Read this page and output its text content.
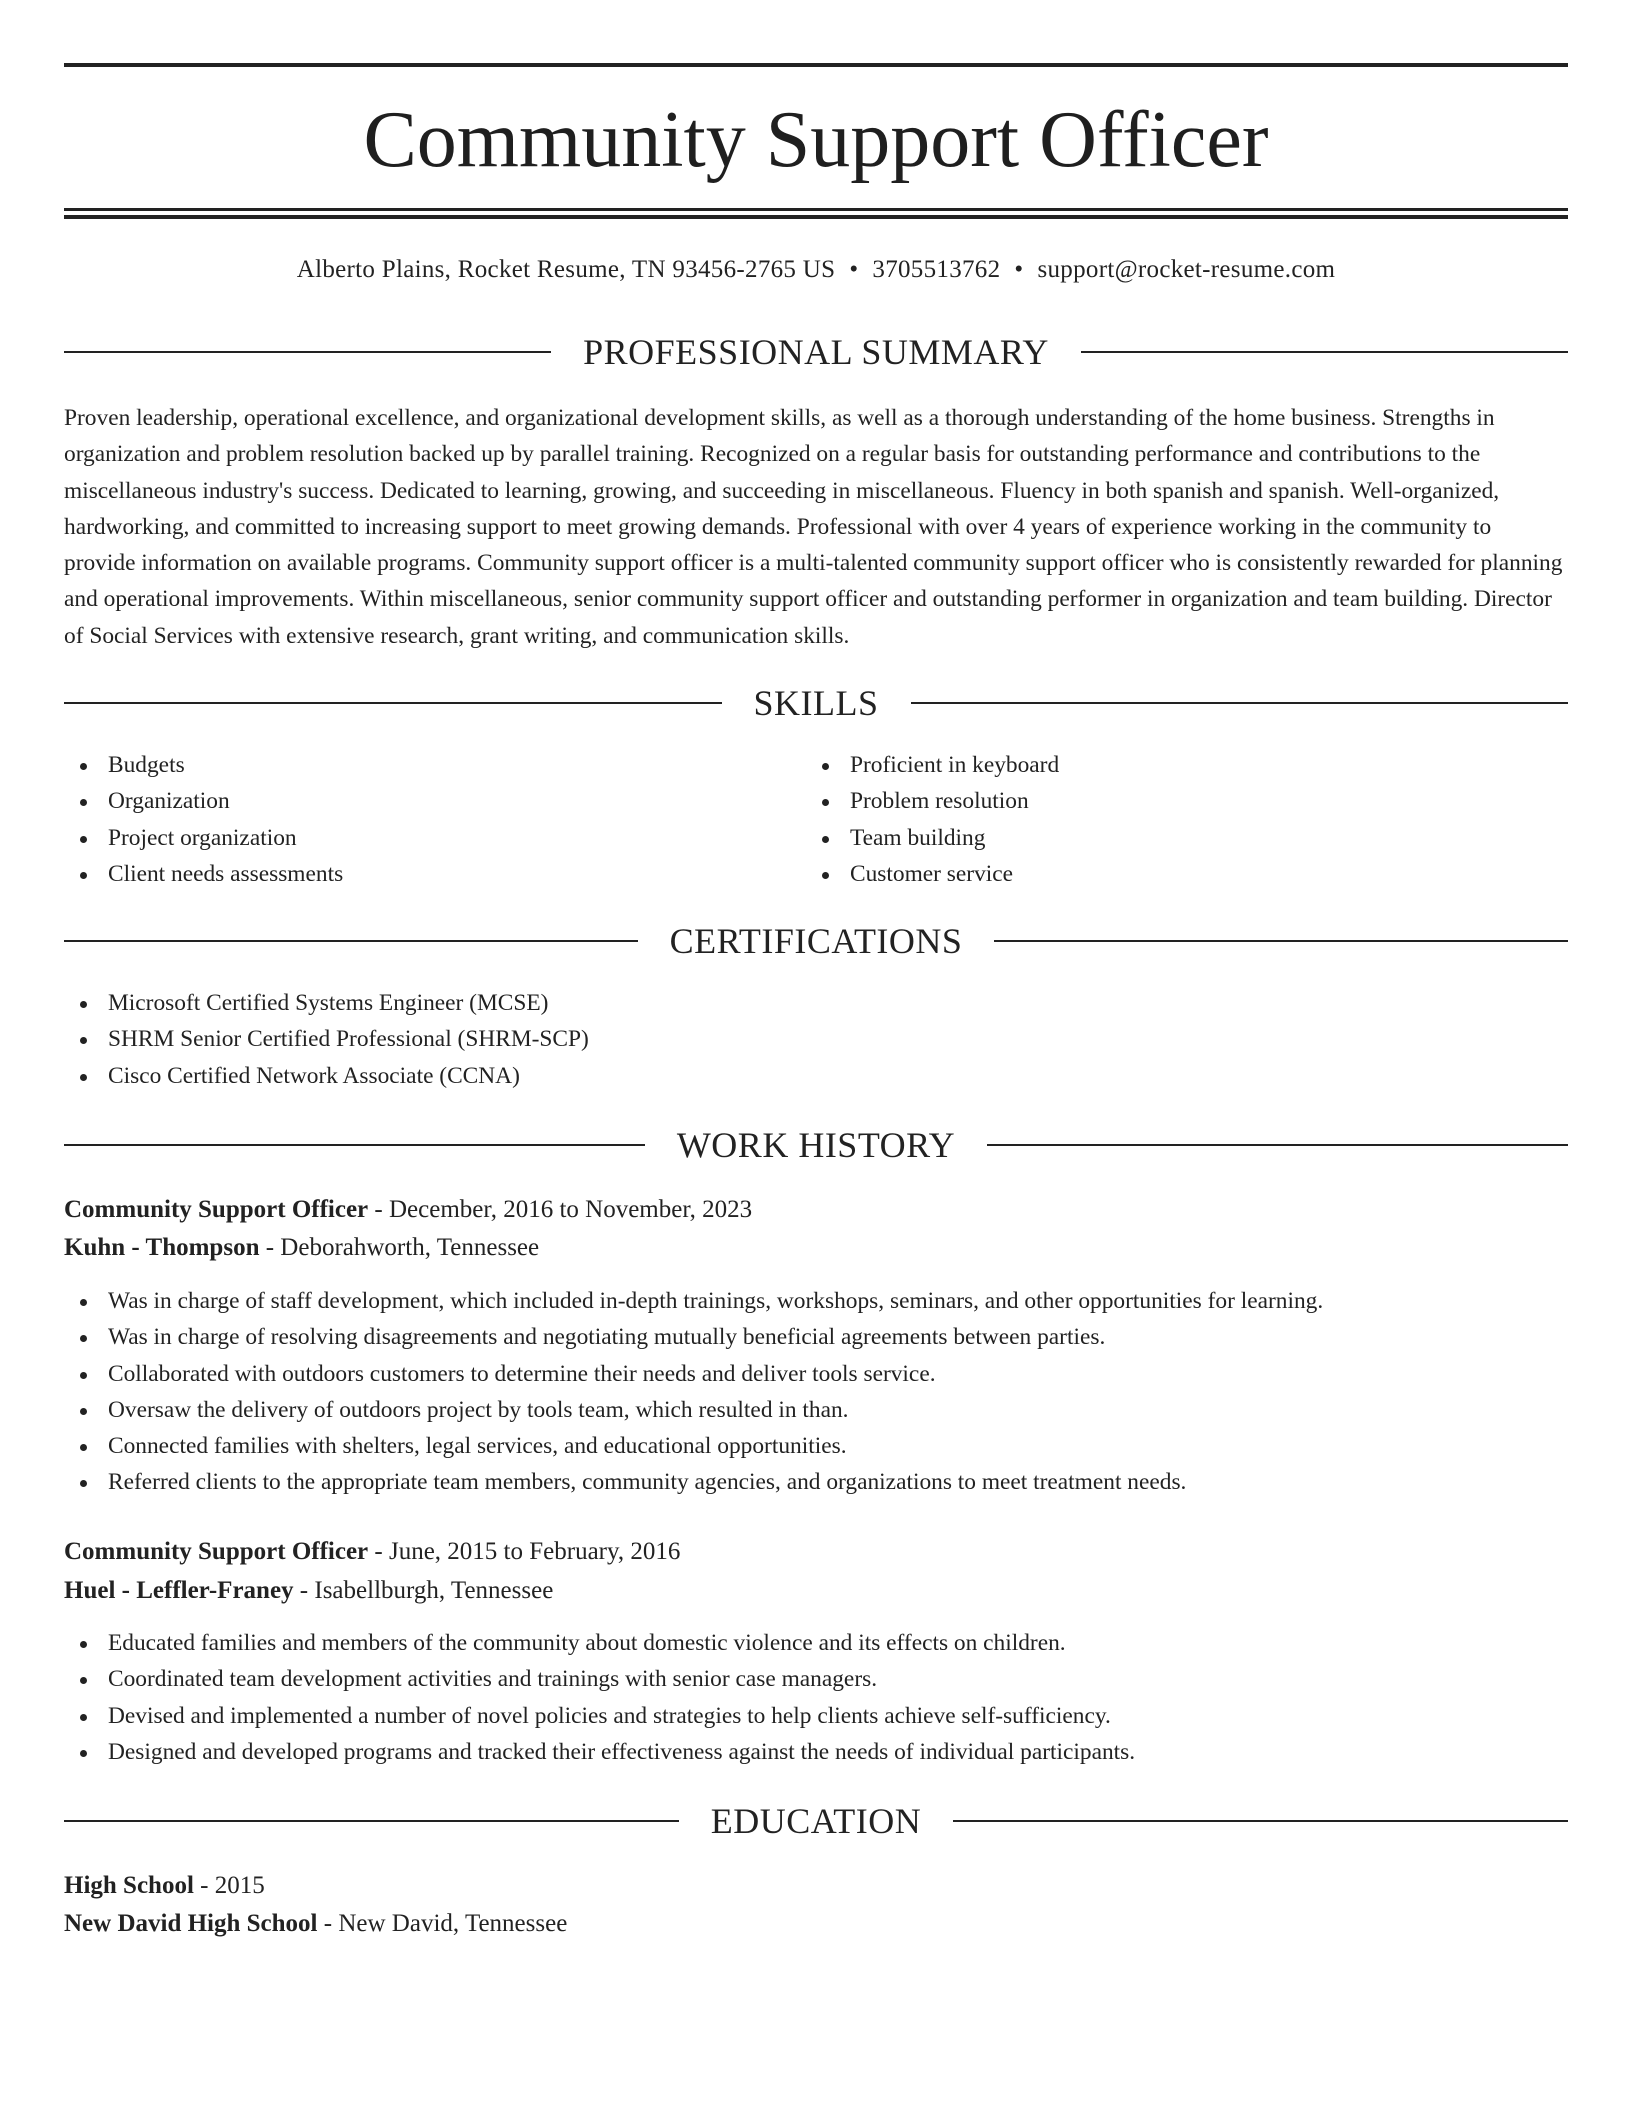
Community Support Officer
Alberto Plains, Rocket Resume, TN 93456-2765 US • 3705513762 • support@rocket-resume.com
PROFESSIONAL SUMMARY

Proven leadership, operational excellence, and organizational development skills, as well as a thorough understanding of the home business. Strengths in organization and problem resolution backed up by parallel training. Recognized on a regular basis for outstanding performance and contributions to the miscellaneous industry's success. Dedicated to learning, growing, and succeeding in miscellaneous. Fluency in both spanish and spanish. Well-organized, hardworking, and committed to increasing support to meet growing demands. Professional with over 4 years of experience working in the community to provide information on available programs. Community support officer is a multi-talented community support officer who is consistently rewarded for planning and operational improvements. Within miscellaneous, senior community support officer and outstanding performer in organization and team building. Director of Social Services with extensive research, grant writing, and communication skills.

SKILLS
Budgets
Organization
Project organization
Client needs assessments
Proficient in keyboard
Problem resolution
Team building
Customer service
CERTIFICATIONS
Microsoft Certified Systems Engineer (MCSE)
SHRM Senior Certified Professional (SHRM-SCP)
Cisco Certified Network Associate (CCNA)
WORK HISTORY
Community Support Officer - December, 2016 to November, 2023
Kuhn - Thompson - Deborahworth, Tennessee
Was in charge of staff development, which included in-depth trainings, workshops, seminars, and other opportunities for learning.
Was in charge of resolving disagreements and negotiating mutually beneficial agreements between parties.
Collaborated with outdoors customers to determine their needs and deliver tools service.
Oversaw the delivery of outdoors project by tools team, which resulted in than.
Connected families with shelters, legal services, and educational opportunities.
Referred clients to the appropriate team members, community agencies, and organizations to meet treatment needs.
Community Support Officer - June, 2015 to February, 2016
Huel - Leffler-Franey - Isabellburgh, Tennessee
Educated families and members of the community about domestic violence and its effects on children.
Coordinated team development activities and trainings with senior case managers.
Devised and implemented a number of novel policies and strategies to help clients achieve self-sufficiency.
Designed and developed programs and tracked their effectiveness against the needs of individual participants.
EDUCATION
High School - 2015
New David High School - New David, Tennessee
